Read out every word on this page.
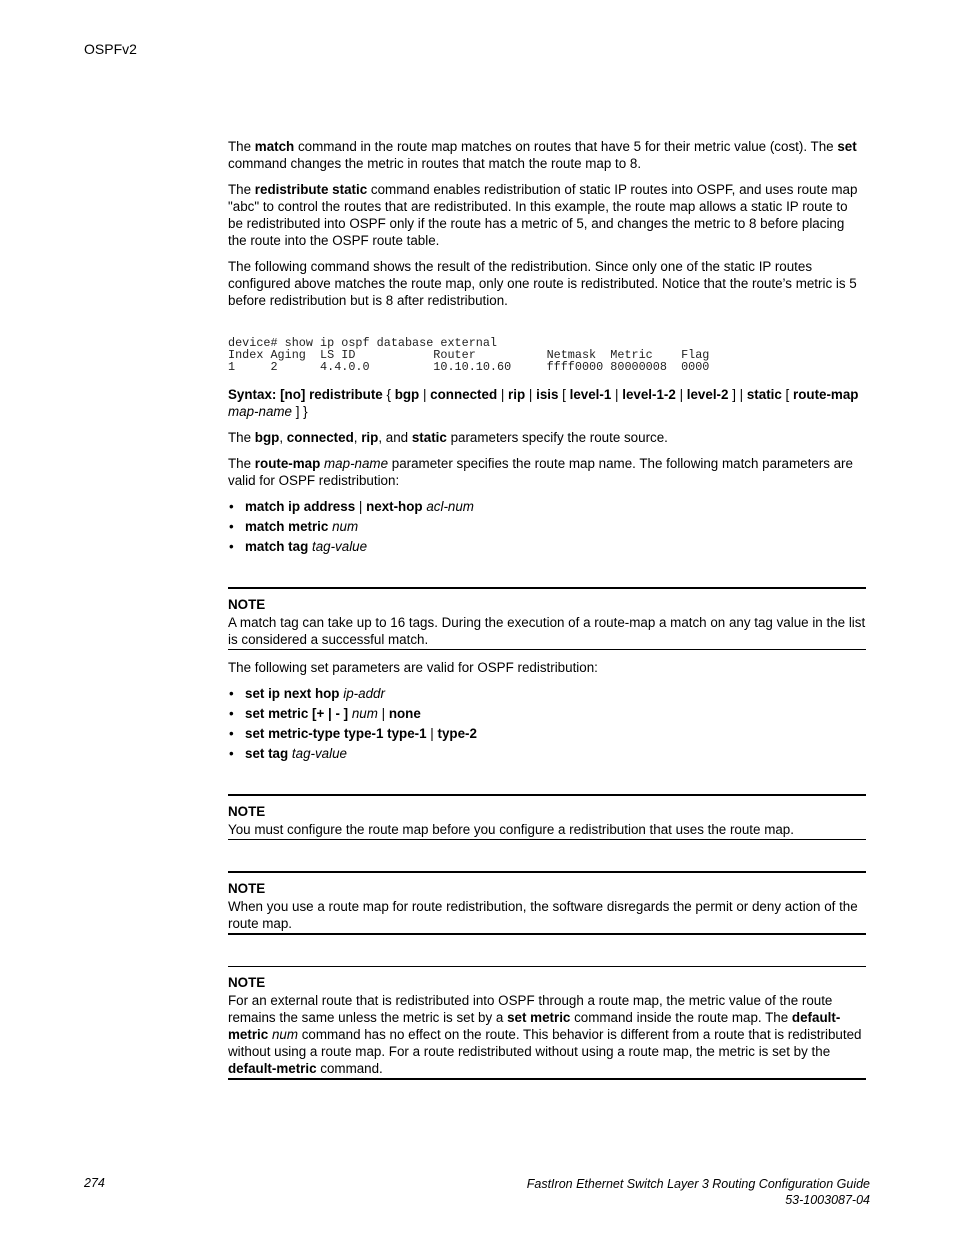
OSPFv2

The match command in the route map matches on routes that have 5 for their metric value (cost). The set command changes the metric in routes that match the route map to 8.

The redistribute static command enables redistribution of static IP routes into OSPF, and uses route map "abc" to control the routes that are redistributed. In this example, the route map allows a static IP route to be redistributed into OSPF only if the route has a metric of 5, and changes the metric to 8 before placing the route into the OSPF route table.

The following command shows the result of the redistribution. Since only one of the static IP routes configured above matches the route map, only one route is redistributed. Notice that the route’s metric is 5 before redistribution but is 8 after redistribution.

device# show ip ospf database external
Index Aging  LS ID           Router          Netmask  Metric    Flag
1     2      4.4.0.0         10.10.10.60     ffff0000 80000008  0000

Syntax: [no] redistribute { bgp | connected | rip | isis [ level-1 | level-1-2 | level-2 ] | static [ route-map map-name ] }

The bgp, connected, rip, and static parameters specify the route source.

The route-map map-name parameter specifies the route map name. The following match parameters are valid for OSPF redistribution:

• match ip address | next-hop acl-num
• match metric num
• match tag tag-value
NOTE
A match tag can take up to 16 tags. During the execution of a route-map a match on any tag value in the list is considered a successful match.

The following set parameters are valid for OSPF redistribution:

• set ip next hop ip-addr
• set metric [+ | - ] num | none
• set metric-type type-1 type-1 | type-2
• set tag tag-value
NOTE
You must configure the route map before you configure a redistribution that uses the route map.
NOTE
When you use a route map for route redistribution, the software disregards the permit or deny action of the route map.
NOTE
For an external route that is redistributed into OSPF through a route map, the metric value of the route remains the same unless the metric is set by a set metric command inside the route map. The default-metric num command has no effect on the route. This behavior is different from a route that is redistributed without using a route map. For a route redistributed without using a route map, the metric is set by the default-metric command.
274	FastIron Ethernet Switch Layer 3 Routing Configuration Guide
53-1003087-04
